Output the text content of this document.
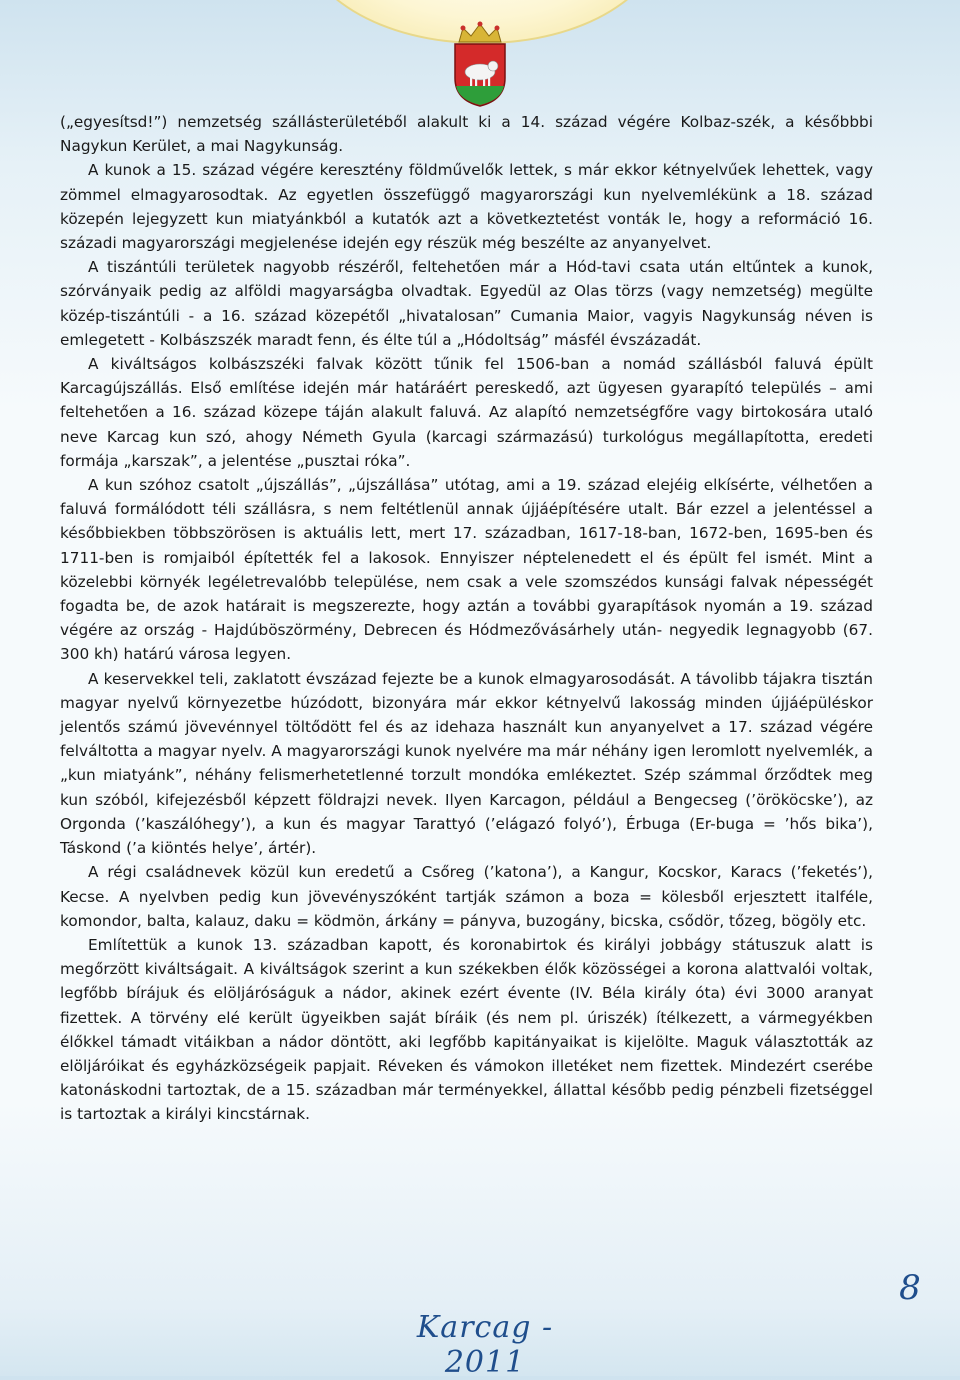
(„egyesítsd!”) nemzetség szállásterületéből alakult ki a 14. század végére Kolbaz-szék, a későbbbi Nagykun Kerület, a mai Nagykunság.

A kunok a 15. század végére keresztény földművelők lettek, s már ekkor kétnyelvűek lehettek, vagy zömmel elmagyarosodtak. Az egyetlen összefüggő magyarországi kun nyelvemlékünk a 18. század közepén lejegyzett kun miatyánkból a kutatók azt a következtetést vonták le, hogy a reformáció 16. századi magyarországi megjelenése idején egy részük még beszélte az anyanyelvet.

A tiszántúli területek nagyobb részéről, feltehetően már a Hód-tavi csata után eltűntek a kunok, szórványaik pedig az alföldi magyarságba olvadtak. Egyedül az Olas törzs (vagy nemzetség) megülte közép-tiszántúli - a 16. század közepétől „hivatalosan” Cumania Maior, vagyis Nagykunság néven is emlegetett - Kolbászszék maradt fenn, és élte túl a „Hódoltság” másfél évszázadát.

A kiváltságos kolbászszéki falvak között tűnik fel 1506-ban a nomád szállásból faluvá épült Karcagújszállás. Első említése idején már határáért pereskedő, azt ügyesen gyarapító település – ami feltehetően a 16. század közepe táján alakult faluvá. Az alapító nemzetségfőre vagy birtokosára utaló neve Karcag kun szó, ahogy Németh Gyula (karcagi származású) turkológus megállapította, eredeti formája „karszak”, a jelentése „pusztai róka”.

A kun szóhoz csatolt „újszállás”, „újszállása” utótag, ami a 19. század elejéig elkísérte, vélhetően a faluvá formálódott téli szállásra, s nem feltétlenül annak újjáépítésére utalt. Bár ezzel a jelentéssel a későbbiekben többszörösen is aktuális lett, mert 17. században, 1617-18-ban, 1672-ben, 1695-ben és 1711-ben is romjaiból építették fel a lakosok. Ennyiszer néptelenedett el és épült fel ismét. Mint a közelebbi környék legéletrevalóbb települése, nem csak a vele szomszédos kunsági falvak népességét fogadta be, de azok határait is megszerezte, hogy aztán a további gyarapítások nyomán a 19. század végére az ország - Hajdúböszörmény, Debrecen és Hódmezővásárhely után- negyedik legnagyobb (67. 300 kh) határú városa legyen.

A keservekkel teli, zaklatott évszázad fejezte be a kunok elmagyarosodását. A távolibb tájakra tisztán magyar nyelvű környezetbe húzódott, bizonyára már ekkor kétnyelvű lakosság minden újjáépüléskor jelentős számú jövevénnyel töltődött fel és az idehaza használt kun anyanyelvet a 17. század végére felváltotta a magyar nyelv. A magyarországi kunok nyelvére ma már néhány igen leromlott nyelvemlék, a „kun miatyánk”, néhány felismerhetetlenné torzult mondóka emlékeztet. Szép számmal őrződtek meg kun szóból, kifejezésből képzett földrajzi nevek. Ilyen Karcagon, például a Bengecseg (’örököcske’), az Orgonda (’kaszálóhegy’), a kun és magyar Tarattyó (’elágazó folyó’), Érbuga (Er-buga = ’hős bika’), Táskond (’a kiöntés helye’, ártér).

A régi családnevek közül kun eredetű a Csőreg (’katona’), a Kangur, Kocskor, Karacs (’feketés’), Kecse. A nyelvben pedig kun jövevényszóként tartják számon a boza = kölesből erjesztett italféle, komondor, balta, kalauz, daku = ködmön, árkány = pányva, buzogány, bicska, csődör, tőzeg, bögöly etc.

Említettük a kunok 13. században kapott, és koronabirtok és királyi jobbágy státuszuk alatt is megőrzött kiváltságait. A kiváltságok szerint a kun székekben élők közösségei a korona alattvalói voltak, legfőbb bírájuk és elöljáróságuk a nádor, akinek ezért évente (IV. Béla király óta) évi 3000 aranyat fizettek. A törvény elé került ügyeikben saját bíráik (és nem pl. úriszék) ítélkezett, a vármegyékben élőkkel támadt vitáikban a nádor döntött, aki legfőbb kapitányaikat is kijelölte. Maguk választották az elöljáróikat és egyházközségeik papjait. Réveken és vámokon illetéket nem fizettek. Mindezért cserébe katonáskodni tartoztak, de a 15. században már terményekkel, állattal később pedig pénzbeli fizetséggel is tartoztak a királyi kincstárnak.

Karcag - 2011
8
